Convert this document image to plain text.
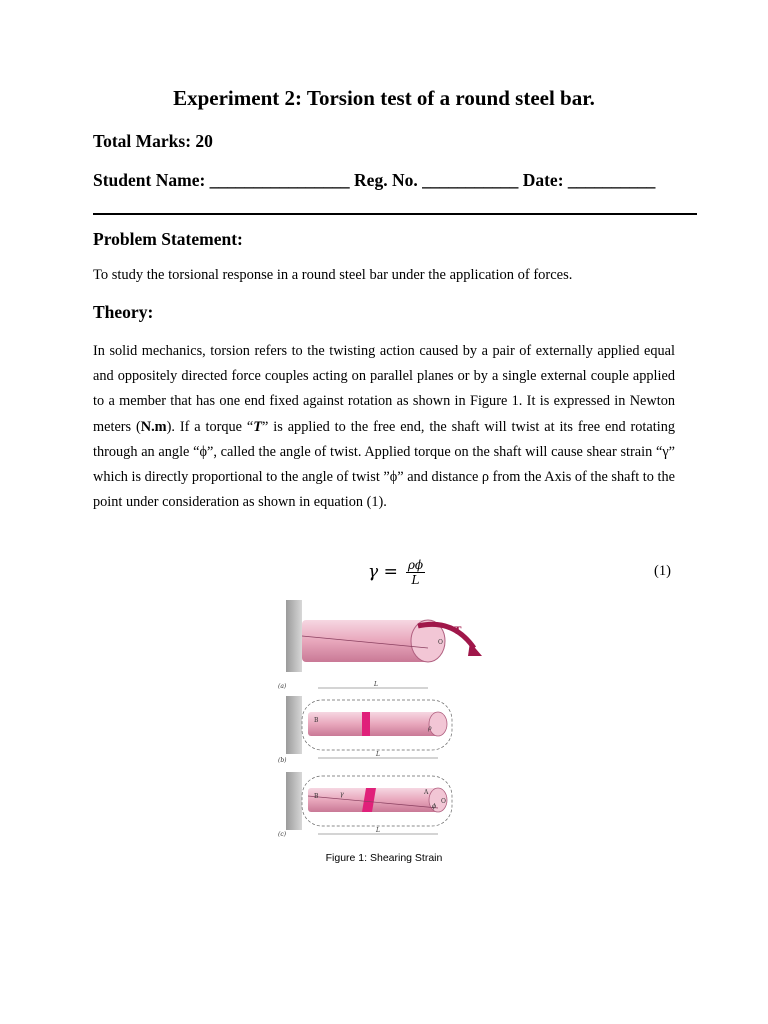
Experiment 2: Torsion test of a round steel bar.
Total Marks: 20
Student Name: ________________ Reg. No. ___________ Date: __________
Problem Statement:
To study the torsional response in a round steel bar under the application of forces.
Theory:
In solid mechanics, torsion refers to the twisting action caused by a pair of externally applied equal and oppositely directed force couples acting on parallel planes or by a single external couple applied to a member that has one end fixed against rotation as shown in Figure 1. It is expressed in Newton meters (N.m). If a torque “T” is applied to the free end, the shaft will twist at its free end rotating through an angle “ϕ”, called the angle of twist. Applied torque on the shaft will cause shear strain “γ” which is directly proportional to the angle of twist ”ϕ” and distance ρ from the Axis of the shaft to the point under consideration as shown in equation (1).
$\gamma = \frac{\rho\phi}{L}$	(1)
T
O
(a)	L
B
ρ
(b)
L
B	γ	A
O
ϕ
(c)
L
Figure 1: Shearing Strain
